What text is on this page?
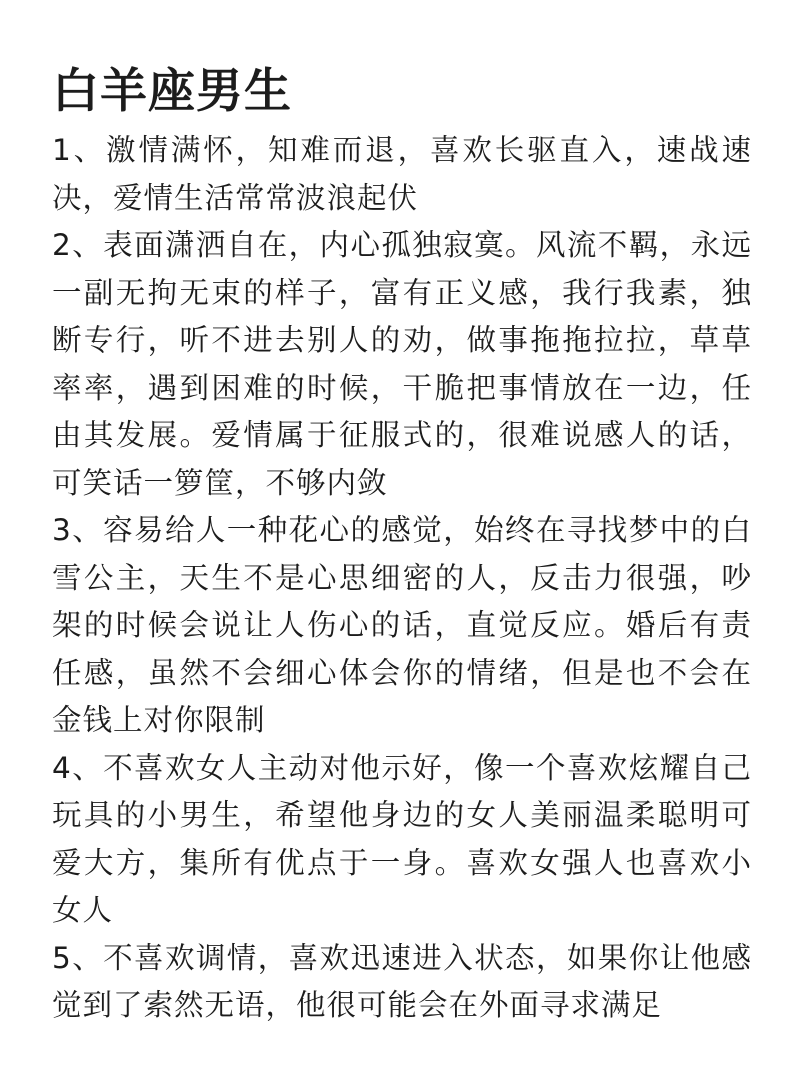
白羊座男生

1、激情满怀，知难而退，喜欢长驱直入，速战速决，爱情生活常常波浪起伏

2、表面潇洒自在，内心孤独寂寞。风流不羁，永远一副无拘无束的样子，富有正义感，我行我素，独断专行，听不进去别人的劝，做事拖拖拉拉，草草率率，遇到困难的时候，干脆把事情放在一边，任由其发展。爱情属于征服式的，很难说感人的话，可笑话一箩筐，不够内敛

3、容易给人一种花心的感觉，始终在寻找梦中的白雪公主，天生不是心思细密的人，反击力很强，吵架的时候会说让人伤心的话，直觉反应。婚后有责任感，虽然不会细心体会你的情绪，但是也不会在金钱上对你限制

4、不喜欢女人主动对他示好，像一个喜欢炫耀自己玩具的小男生，希望他身边的女人美丽温柔聪明可爱大方，集所有优点于一身。喜欢女强人也喜欢小女人

5、不喜欢调情，喜欢迅速进入状态，如果你让他感觉到了索然无语，他很可能会在外面寻求满足
